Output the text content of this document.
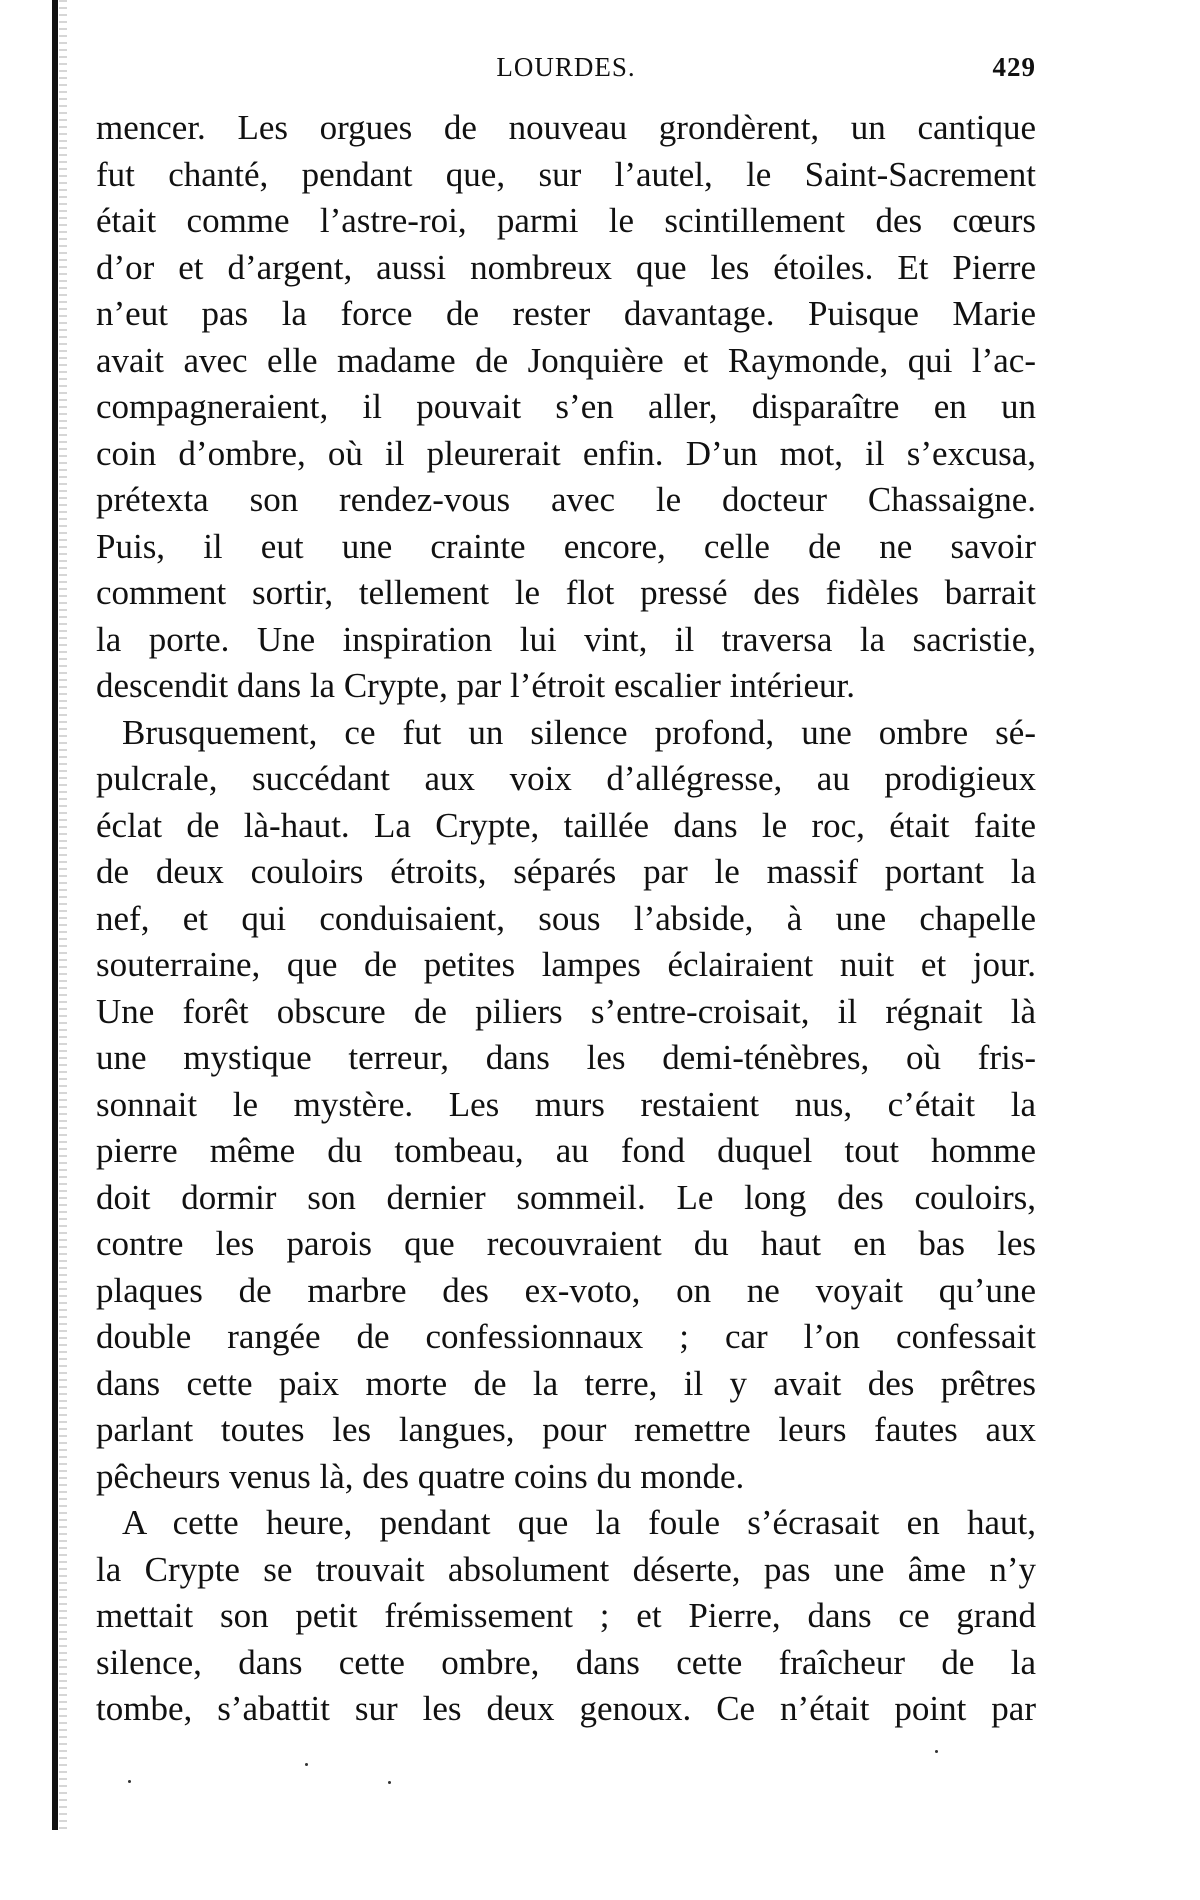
LOURDES.	429
mencer. Les orgues de nouveau grondèrent, un cantique
fut chanté, pendant que, sur l’autel, le Saint-Sacrement
était comme l’astre-roi, parmi le scintillement des cœurs
d’or et d’argent, aussi nombreux que les étoiles. Et Pierre
n’eut pas la force de rester davantage. Puisque Marie
avait avec elle madame de Jonquière et Raymonde, qui l’ac-
compagneraient, il pouvait s’en aller, disparaître en un
coin d’ombre, où il pleurerait enfin. D’un mot, il s’excusa,
prétexta son rendez-vous avec le docteur Chassaigne.
Puis, il eut une crainte encore, celle de ne savoir
comment sortir, tellement le flot pressé des fidèles barrait
la porte. Une inspiration lui vint, il traversa la sacristie,
descendit dans la Crypte, par l’étroit escalier intérieur.
Brusquement, ce fut un silence profond, une ombre sé-
pulcrale, succédant aux voix d’allégresse, au prodigieux
éclat de là-haut. La Crypte, taillée dans le roc, était faite
de deux couloirs étroits, séparés par le massif portant la
nef, et qui conduisaient, sous l’abside, à une chapelle
souterraine, que de petites lampes éclairaient nuit et jour.
Une forêt obscure de piliers s’entre-croisait, il régnait là
une mystique terreur, dans les demi-ténèbres, où fris-
sonnait le mystère. Les murs restaient nus, c’était la
pierre même du tombeau, au fond duquel tout homme
doit dormir son dernier sommeil. Le long des couloirs,
contre les parois que recouvraient du haut en bas les
plaques de marbre des ex-voto, on ne voyait qu’une
double rangée de confessionnaux ; car l’on confessait
dans cette paix morte de la terre, il y avait des prêtres
parlant toutes les langues, pour remettre leurs fautes aux
pêcheurs venus là, des quatre coins du monde.
A cette heure, pendant que la foule s’écrasait en haut,
la Crypte se trouvait absolument déserte, pas une âme n’y
mettait son petit frémissement ; et Pierre, dans ce grand
silence, dans cette ombre, dans cette fraîcheur de la
tombe, s’abattit sur les deux genoux. Ce n’était point par
